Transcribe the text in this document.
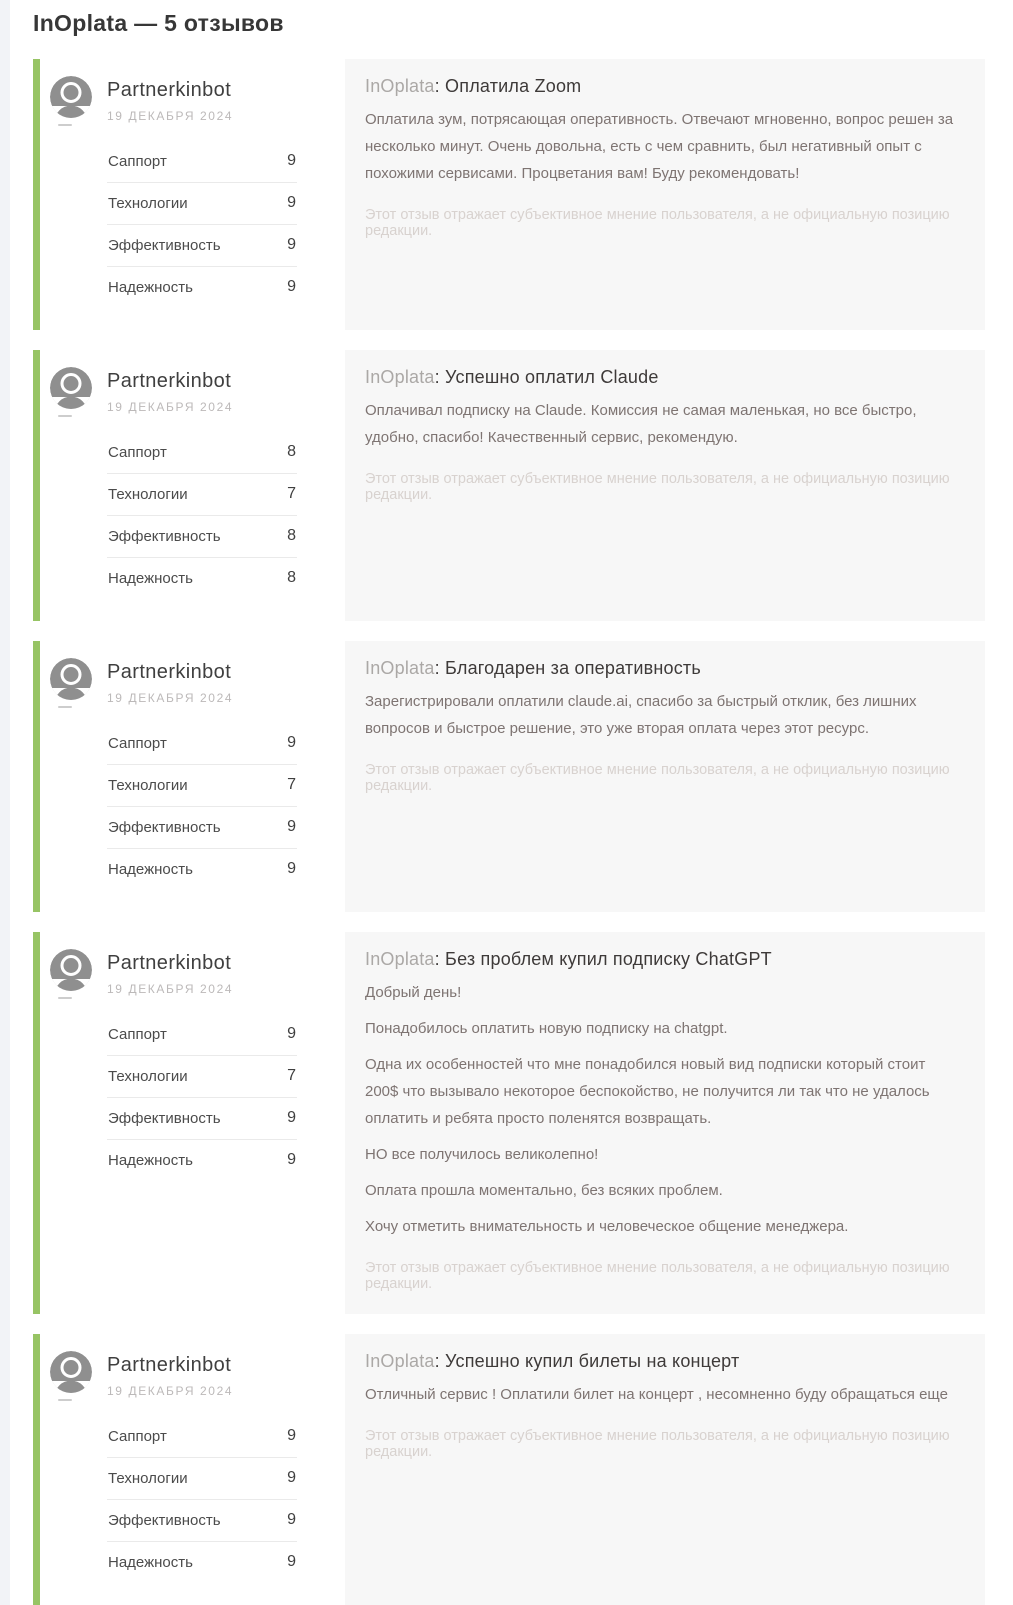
InOplata — 5 отзывов
Partnerkinbot
19 ДЕКАБРЯ 2024
Саппорт	9
Технологии	9
Эффективность	9
Надежность	9
InOplata: Оплатила Zoom

Оплатила зум, потрясающая оперативность. Отвечают мгновенно, вопрос решен за несколько минут. Очень довольна, есть с чем сравнить, был негативный опыт с похожими сервисами. Процветания вам! Буду рекомендовать!

Этот отзыв отражает субъективное мнение пользователя, а не официальную позицию редакции.

Partnerkinbot
19 ДЕКАБРЯ 2024
Саппорт	8
Технологии	7
Эффективность	8
Надежность	8
InOplata: Успешно оплатил Claude

Оплачивал подписку на Claude. Комиссия не самая маленькая, но все быстро, удобно, спасибо! Качественный сервис, рекомендую.

Этот отзыв отражает субъективное мнение пользователя, а не официальную позицию редакции.

Partnerkinbot
19 ДЕКАБРЯ 2024
Саппорт	9
Технологии	7
Эффективность	9
Надежность	9
InOplata: Благодарен за оперативность

Зарегистрировали оплатили claude.ai, спасибо за быстрый отклик, без лишних вопросов и быстрое решение, это уже вторая оплата через этот ресурс.

Этот отзыв отражает субъективное мнение пользователя, а не официальную позицию редакции.

Partnerkinbot
19 ДЕКАБРЯ 2024
Саппорт	9
Технологии	7
Эффективность	9
Надежность	9
InOplata: Без проблем купил подписку ChatGPT

Добрый день!

Понадобилось оплатить новую подписку на chatgpt.

Одна их особенностей что мне понадобился новый вид подписки который стоит 200$ что вызывало некоторое беспокойство, не получится ли так что не удалось оплатить и ребята просто поленятся возвращать.

НО все получилось великолепно!

Оплата прошла моментально, без всяких проблем.

Хочу отметить внимательность и человеческое общение менеджера.

Этот отзыв отражает субъективное мнение пользователя, а не официальную позицию редакции.

Partnerkinbot
19 ДЕКАБРЯ 2024
Саппорт	9
Технологии	9
Эффективность	9
Надежность	9
InOplata: Успешно купил билеты на концерт

Отличный сервис ! Оплатили билет на концерт , несомненно буду обращаться еще

Этот отзыв отражает субъективное мнение пользователя, а не официальную позицию редакции.
